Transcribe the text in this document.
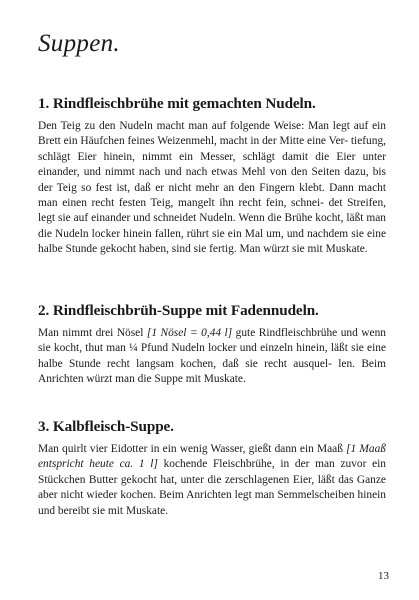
Suppen.
1. Rindfleischbrühe mit gemachten Nudeln.

Den Teig zu den Nudeln macht man auf folgende Weise: Man legt auf ein Brett ein Häufchen feines Weizenmehl, macht in der Mitte eine Ver- tiefung, schlägt Eier hinein, nimmt ein Messer, schlägt damit die Eier unter einander, und nimmt nach und nach etwas Mehl von den Seiten dazu, bis der Teig so fest ist, daß er nicht mehr an den Fingern klebt. Dann macht man einen recht festen Teig, mangelt ihn recht fein, schnei- det Streifen, legt sie auf einander und schneidet Nudeln. Wenn die Brühe kocht, läßt man die Nudeln locker hinein fallen, rührt sie ein Mal um, und nachdem sie eine halbe Stunde gekocht haben, sind sie fertig. Man würzt sie mit Muskate.

2. Rindfleischbrüh-Suppe mit Fadennudeln.

Man nimmt drei Nösel [1 Nösel = 0,44 l] gute Rindfleischbrühe und wenn sie kocht, thut man ¼ Pfund Nudeln locker und einzeln hinein, läßt sie eine halbe Stunde recht langsam kochen, daß sie recht ausquel- len. Beim Anrichten würzt man die Suppe mit Muskate.

3. Kalbfleisch-Suppe.

Man quirlt vier Eidotter in ein wenig Wasser, gießt dann ein Maaß [1 Maaß entspricht heute ca. 1 l] kochende Fleischbrühe, in der man zuvor ein Stückchen Butter gekocht hat, unter die zerschlagenen Eier, läßt das Ganze aber nicht wieder kochen. Beim Anrichten legt man Semmelscheiben hinein und bereibt sie mit Muskate.

13
